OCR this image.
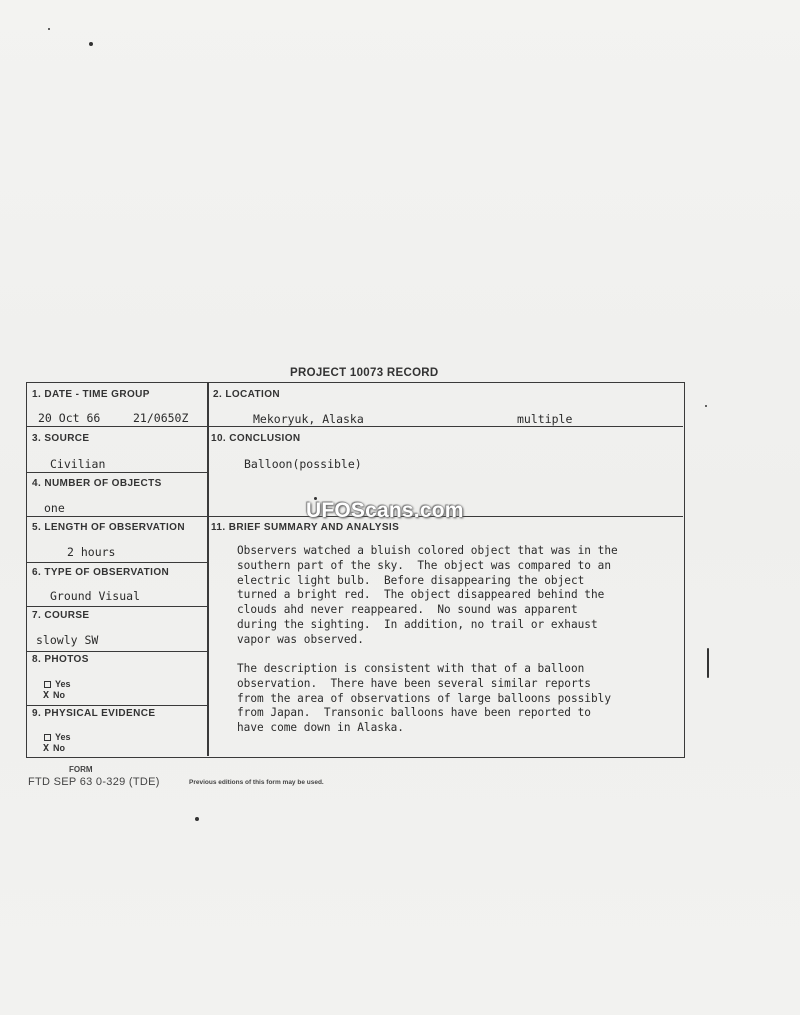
PROJECT 10073 RECORD
1. DATE - TIME GROUP
20 Oct 66	21/0650Z
2. LOCATION
Mekoryuk, Alaska	multiple
3. SOURCE
Civilian
10. CONCLUSION
Balloon(possible)
4. NUMBER OF OBJECTS
one
5. LENGTH OF OBSERVATION
2 hours
11. BRIEF SUMMARY AND ANALYSIS
Observers watched a bluish colored object that was in the
southern part of the sky.  The object was compared to an
electric light bulb.  Before disappearing the object
turned a bright red.  The object disappeared behind the
clouds ahd never reappeared.  No sound was apparent
during the sighting.  In addition, no trail or exhaust
vapor was observed.
The description is consistent with that of a balloon
observation.  There have been several similar reports
from the area of observations of large balloons possibly
from Japan.  Transonic balloons have been reported to
have come down in Alaska.
6. TYPE OF OBSERVATION
Ground Visual
7. COURSE
slowly SW
8. PHOTOS
Yes
X No
9. PHYSICAL EVIDENCE
Yes
X No
FORM
FTD SEP 63 0-329 (TDE)	Previous editions of this form may be used.
UFOScans.com
